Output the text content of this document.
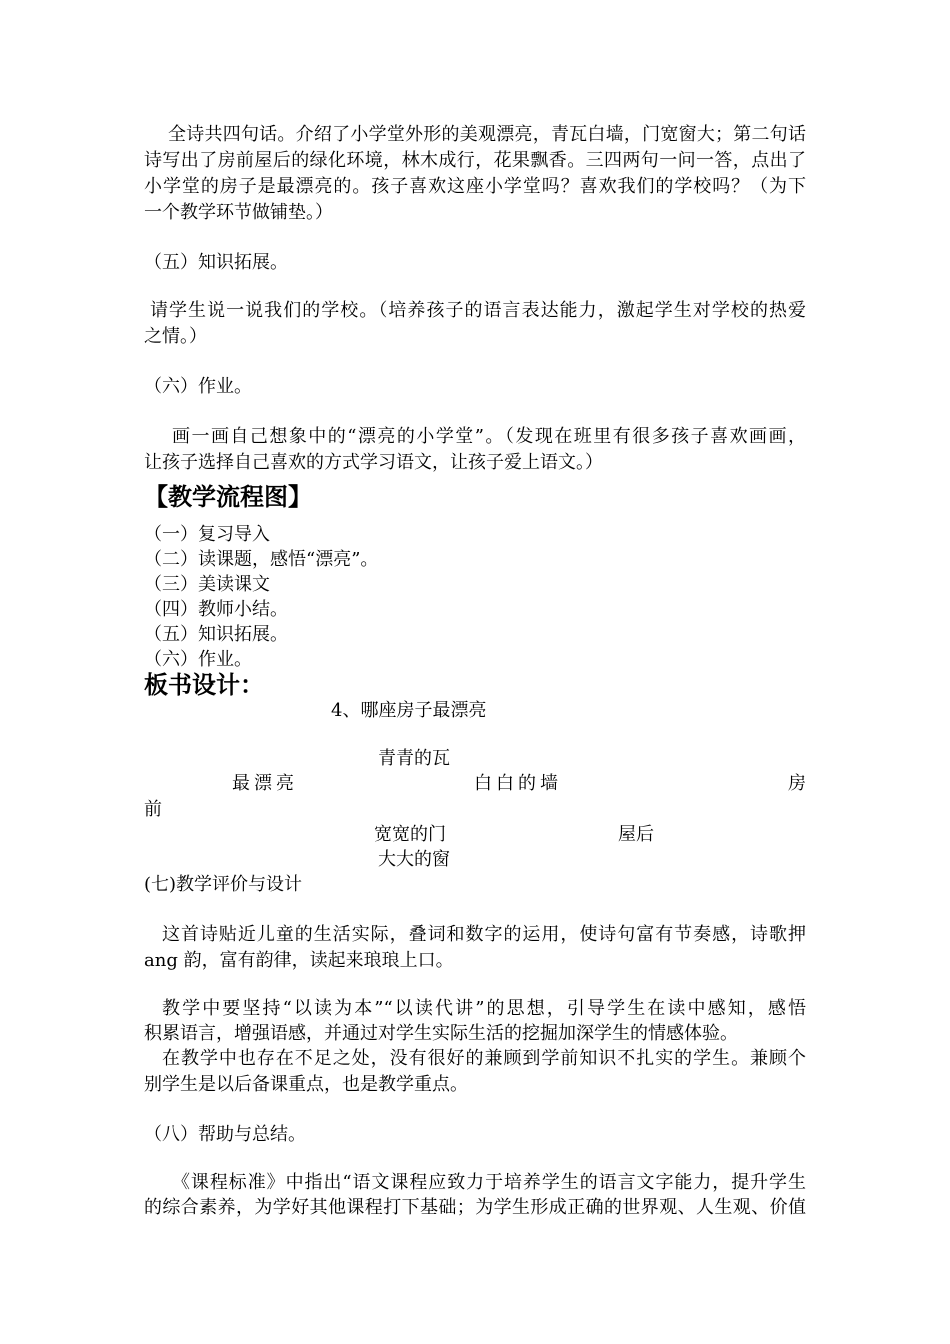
全诗共四句话。介绍了小学堂外形的美观漂亮，青瓦白墙，门宽窗大；第二句话
诗写出了房前屋后的绿化环境，林木成行，花果飘香。三四两句一问一答，点出了
小学堂的房子是最漂亮的。孩子喜欢这座小学堂吗？喜欢我们的学校吗？（为下
一个教学环节做铺垫。）
（五）知识拓展。
请学生说一说我们的学校。（培养孩子的语言表达能力，激起学生对学校的热爱
之情。）
（六）作业。
画一画自己想象中的“漂亮的小学堂”。（发现在班里有很多孩子喜欢画画，
让孩子选择自己喜欢的方式学习语文，让孩子爱上语文。）
【教学流程图】
（一）复习导入
（二）读课题，感悟“漂亮”。
（三）美读课文
（四）教师小结。
（五）知识拓展。
（六）作业。
板书设计：
4、哪座房子最漂亮
青青的瓦
最漂亮	白白的墙	房
前
宽宽的门	屋后
大大的窗
(七)教学评价与设计
这首诗贴近儿童的生活实际，叠词和数字的运用，使诗句富有节奏感，诗歌押
ang 韵，富有韵律，读起来琅琅上口。
教学中要坚持“以读为本”“以读代讲”的思想，引导学生在读中感知，感悟
积累语言，增强语感，并通过对学生实际生活的挖掘加深学生的情感体验。
在教学中也存在不足之处，没有很好的兼顾到学前知识不扎实的学生。兼顾个
别学生是以后备课重点，也是教学重点。
（八）帮助与总结。
《课程标准》中指出“语文课程应致力于培养学生的语言文字能力，提升学生
的综合素养，为学好其他课程打下基础；为学生形成正确的世界观、人生观、价值
